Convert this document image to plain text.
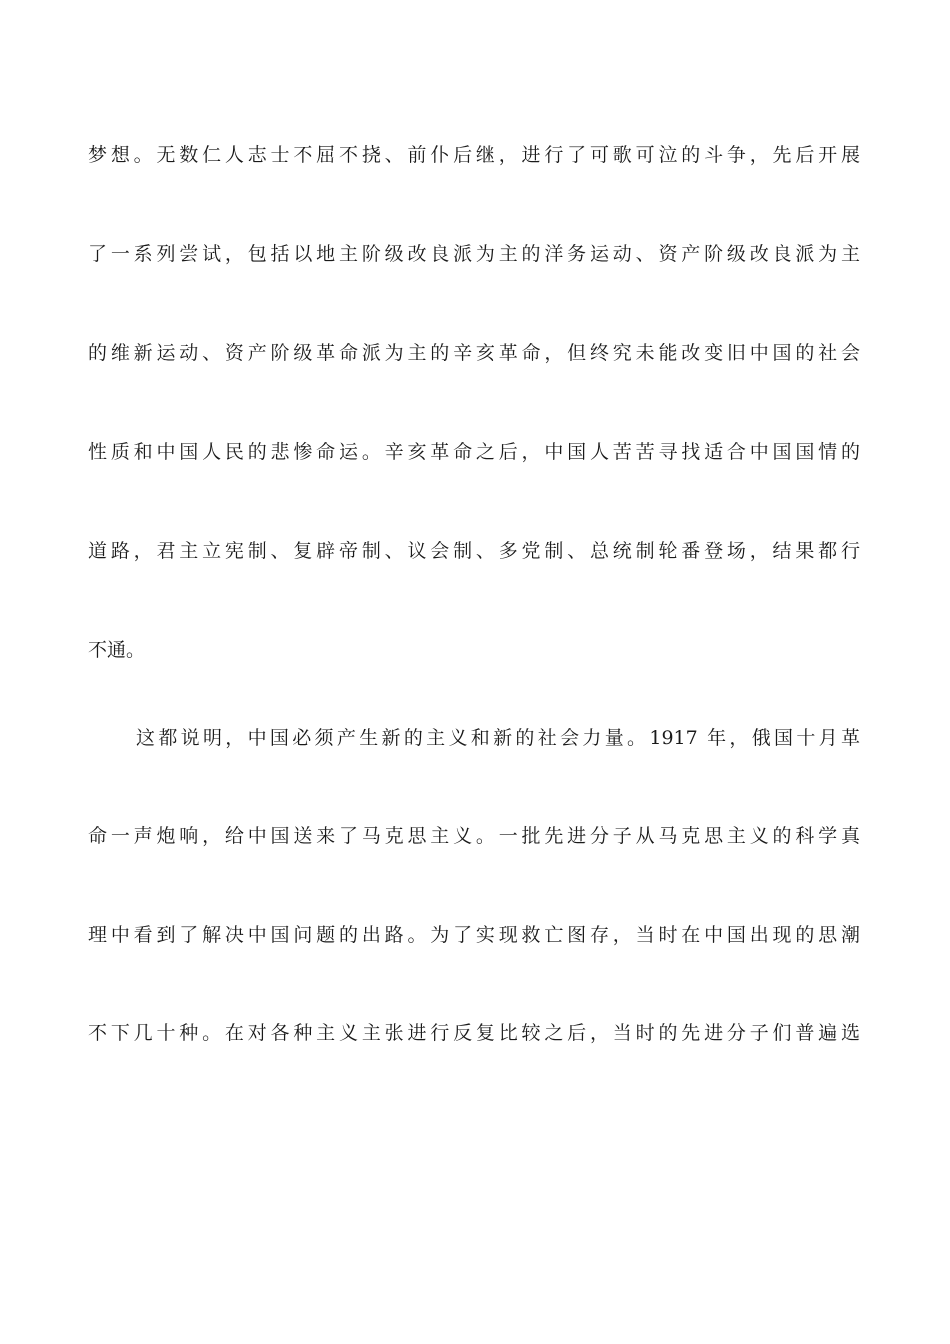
梦想。无数仁人志士不屈不挠、前仆后继，进行了可歌可泣的斗争，先后开展
了一系列尝试，包括以地主阶级改良派为主的洋务运动、资产阶级改良派为主
的维新运动、资产阶级革命派为主的辛亥革命，但终究未能改变旧中国的社会
性质和中国人民的悲惨命运。辛亥革命之后，中国人苦苦寻找适合中国国情的
道路，君主立宪制、复辟帝制、议会制、多党制、总统制轮番登场，结果都行
不通。
这都说明，中国必须产生新的主义和新的社会力量。1917 年，俄国十月革
命一声炮响，给中国送来了马克思主义。一批先进分子从马克思主义的科学真
理中看到了解决中国问题的出路。为了实现救亡图存，当时在中国出现的思潮
不下几十种。在对各种主义主张进行反复比较之后，当时的先进分子们普遍选
